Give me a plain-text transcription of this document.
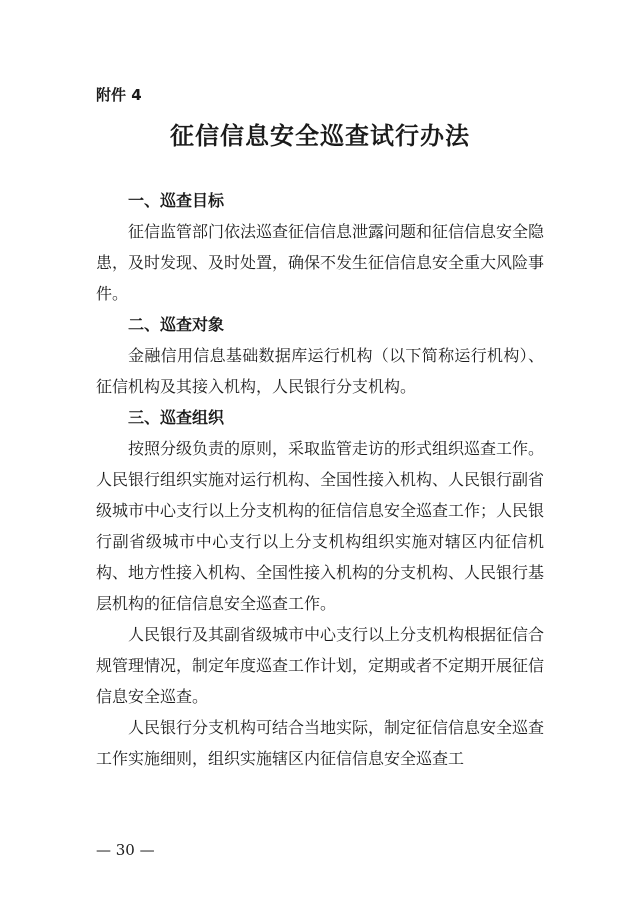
附件 4

征信信息安全巡查试行办法

一、巡查目标

征信监管部门依法巡查征信信息泄露问题和征信信息安全隐患，及时发现、及时处置，确保不发生征信信息安全重大风险事件。

二、巡查对象

金融信用信息基础数据库运行机构（以下简称运行机构）、征信机构及其接入机构，人民银行分支机构。

三、巡查组织

按照分级负责的原则，采取监管走访的形式组织巡查工作。人民银行组织实施对运行机构、全国性接入机构、人民银行副省级城市中心支行以上分支机构的征信信息安全巡查工作；人民银行副省级城市中心支行以上分支机构组织实施对辖区内征信机构、地方性接入机构、全国性接入机构的分支机构、人民银行基层机构的征信信息安全巡查工作。

人民银行及其副省级城市中心支行以上分支机构根据征信合规管理情况，制定年度巡查工作计划，定期或者不定期开展征信信息安全巡查。

人民银行分支机构可结合当地实际，制定征信信息安全巡查工作实施细则，组织实施辖区内征信信息安全巡查工

— 30 —
